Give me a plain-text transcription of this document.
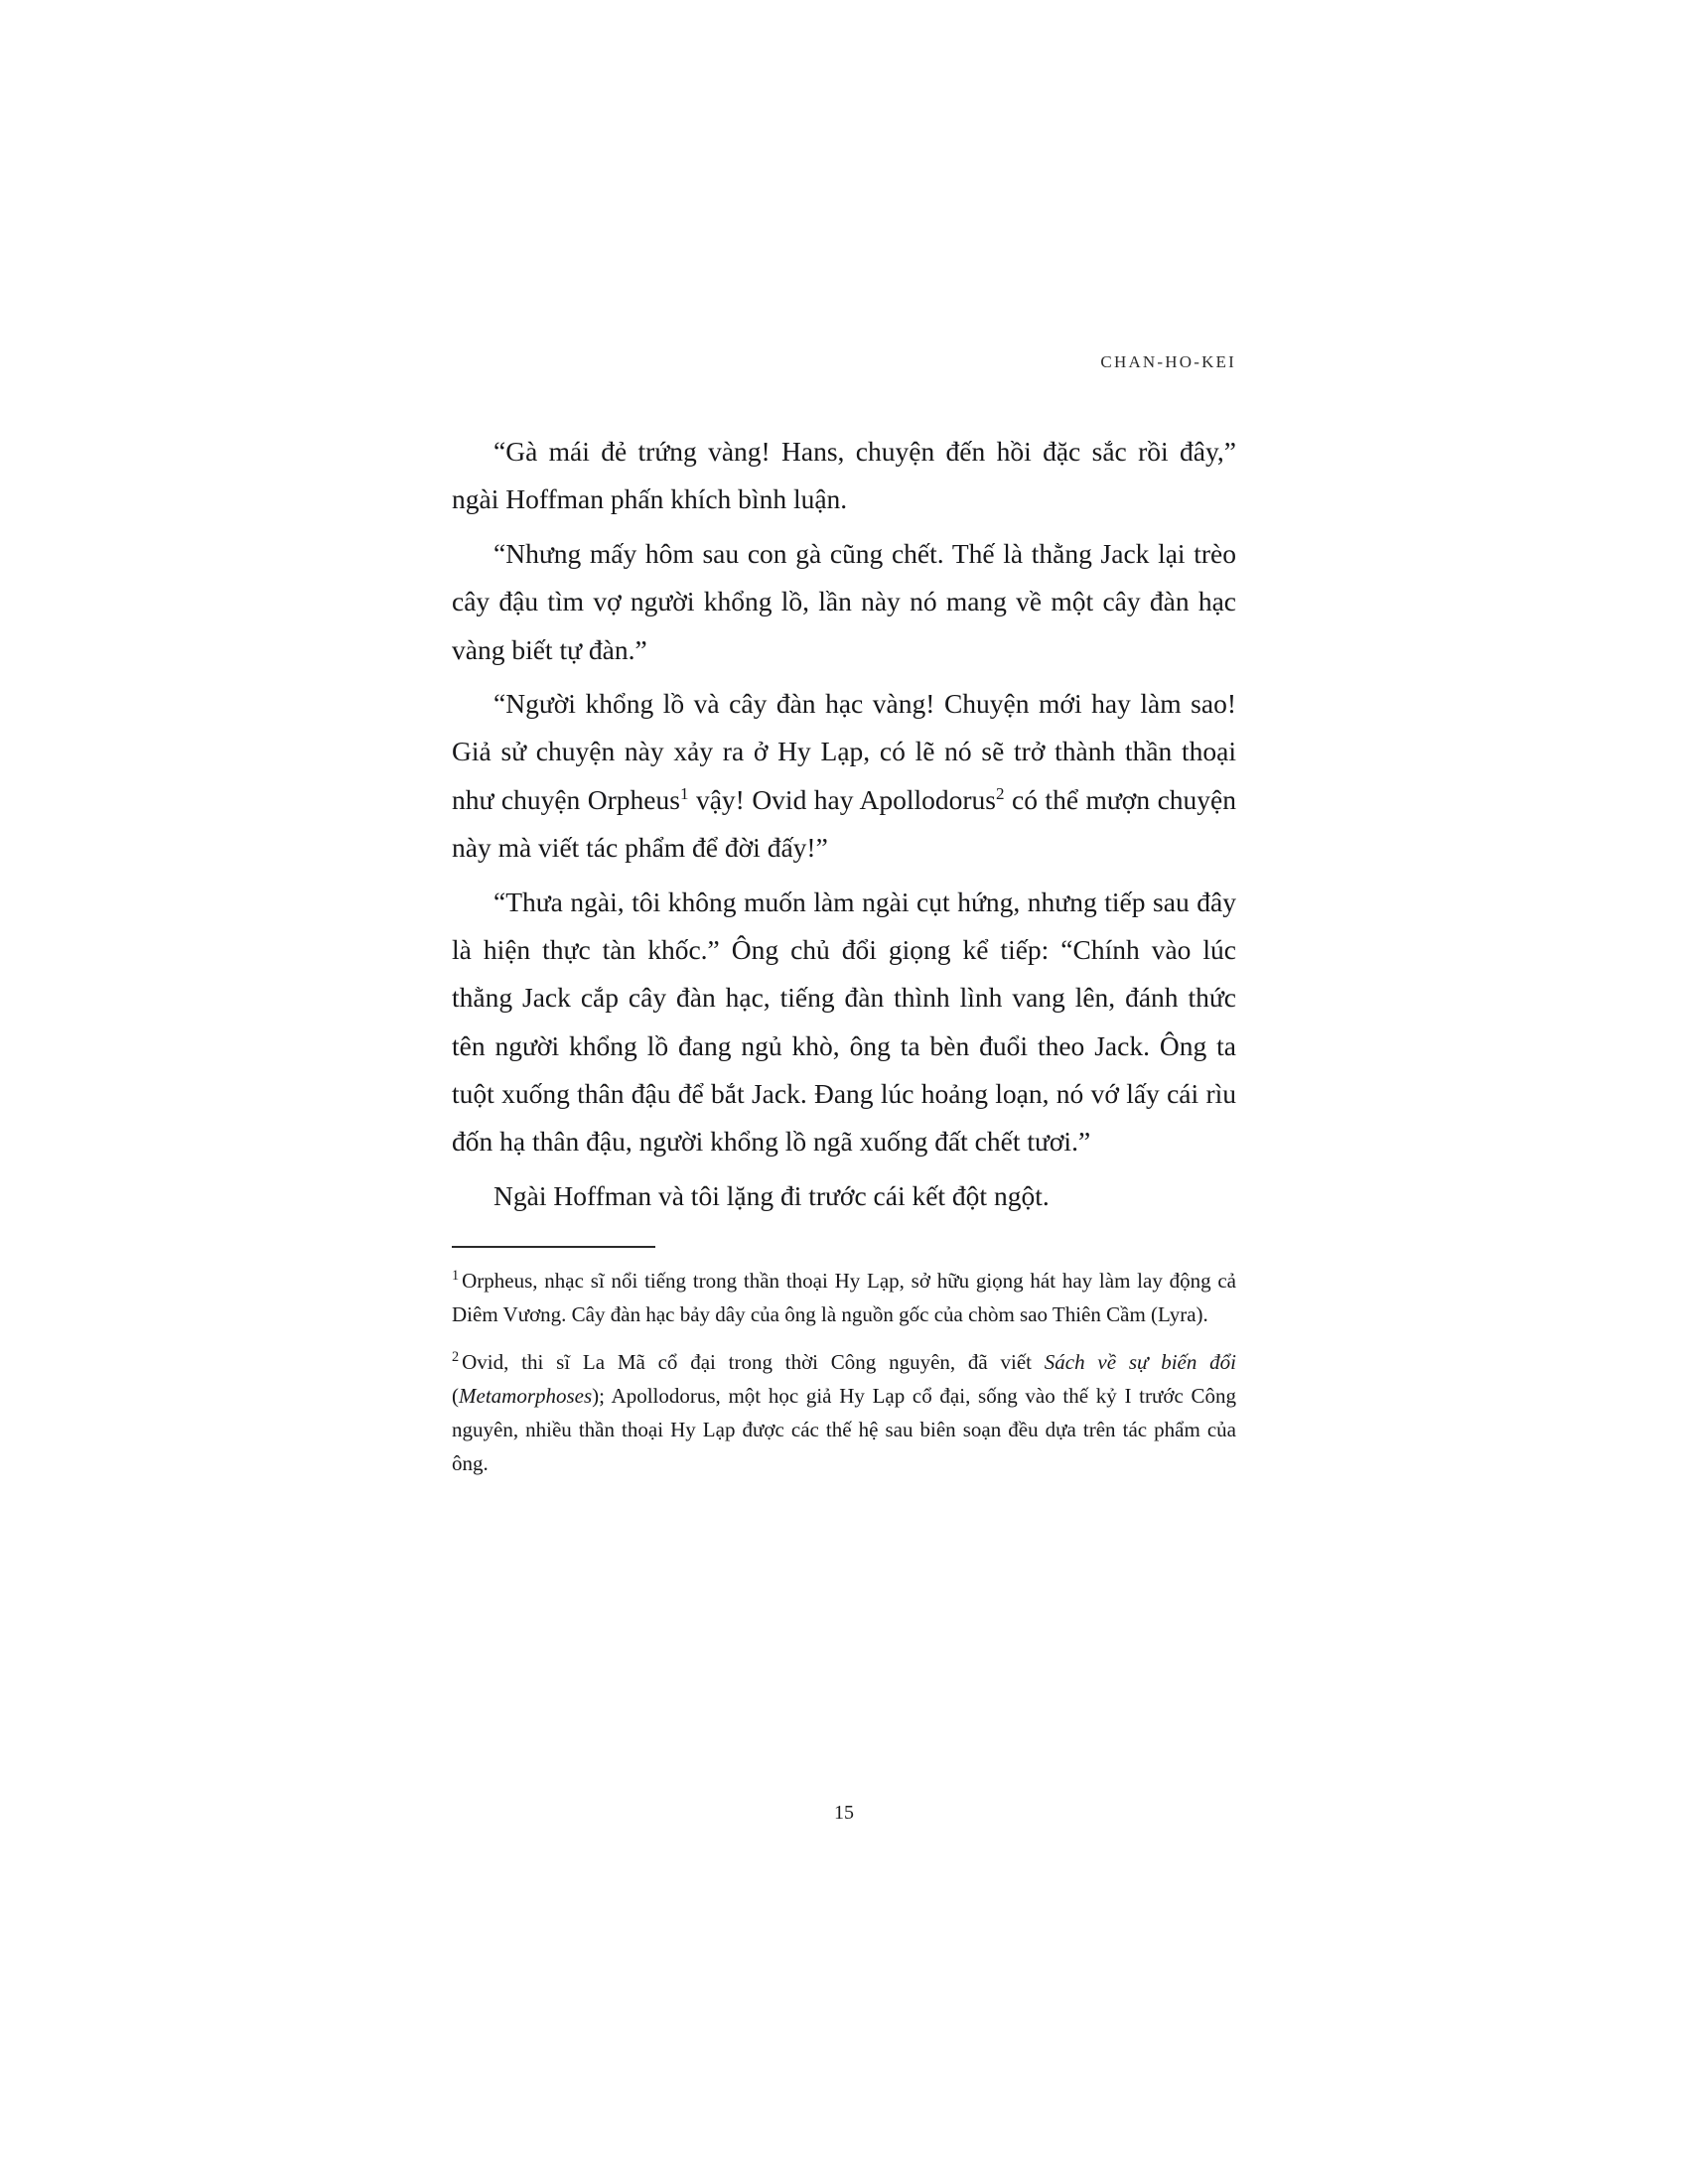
CHAN-HO-KEI

“Gà mái đẻ trứng vàng! Hans, chuyện đến hồi đặc sắc rồi đây,” ngài Hoffman phấn khích bình luận.

“Nhưng mấy hôm sau con gà cũng chết. Thế là thằng Jack lại trèo cây đậu tìm vợ người khổng lồ, lần này nó mang về một cây đàn hạc vàng biết tự đàn.”

“Người khổng lồ và cây đàn hạc vàng! Chuyện mới hay làm sao! Giả sử chuyện này xảy ra ở Hy Lạp, có lẽ nó sẽ trở thành thần thoại như chuyện Orpheus$^1$ vậy! Ovid hay Apollodorus$^2$ có thể mượn chuyện này mà viết tác phẩm để đời đấy!”

“Thưa ngài, tôi không muốn làm ngài cụt hứng, nhưng tiếp sau đây là hiện thực tàn khốc.” Ông chủ đổi giọng kể tiếp: “Chính vào lúc thằng Jack cắp cây đàn hạc, tiếng đàn thình lình vang lên, đánh thức tên người khổng lồ đang ngủ khò, ông ta bèn đuổi theo Jack. Ông ta tuột xuống thân đậu để bắt Jack. Đang lúc hoảng loạn, nó vớ lấy cái rìu đốn hạ thân đậu, người khổng lồ ngã xuống đất chết tươi.”

Ngài Hoffman và tôi lặng đi trước cái kết đột ngột.

$^1$ Orpheus, nhạc sĩ nổi tiếng trong thần thoại Hy Lạp, sở hữu giọng hát hay làm lay động cả Diêm Vương. Cây đàn hạc bảy dây của ông là nguồn gốc của chòm sao Thiên Cầm (Lyra).

$^2$ Ovid, thi sĩ La Mã cổ đại trong thời Công nguyên, đã viết Sách về sự biến đổi (Metamorphoses); Apollodorus, một học giả Hy Lạp cổ đại, sống vào thế kỷ I trước Công nguyên, nhiều thần thoại Hy Lạp được các thế hệ sau biên soạn đều dựa trên tác phẩm của ông.

15
